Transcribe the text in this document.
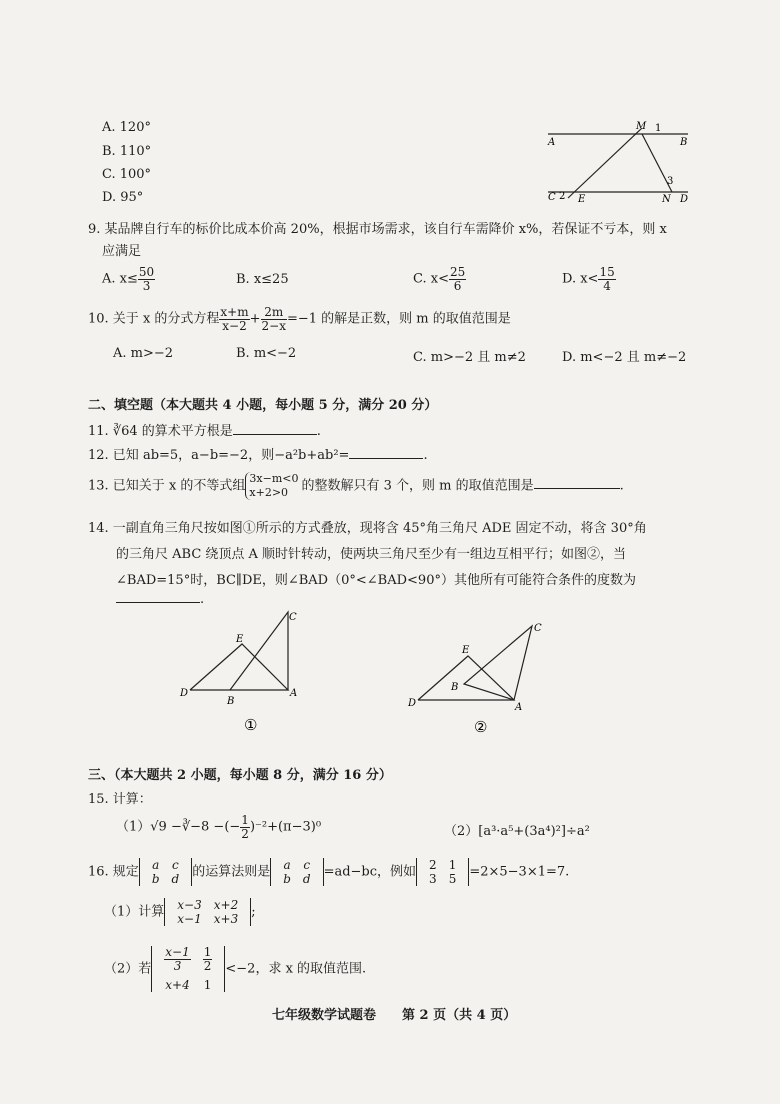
A. 120°
B. 110°
C. 100°
D. 95°
M 1
A	B
C 2 E	N
3
D
9. 某品牌自行车的标价比成本价高 20%，根据市场需求，该自行车需降价 x%，若保证不亏本，则 x
应满足
A. $x\le \frac{50}{3}$	B. x≤25	C. $x< \frac{25}{6}$	D. $x< \frac{15}{4}$
10. 关于 x 的分式方程 $\frac{x+m}{x-2} + \frac{2m}{2-x} =-1$ 的解是正数，则 m 的取值范围是
A. m>−2	B. m<−2	C. m>−2 且 m≠2	D. m<−2 且 m≠−2
二、填空题（本大题共 4 小题，每小题 5 分，满分 20 分）
11. ∛64 的算术平方根是	.
12. 已知 ab=5，a−b=−2，则−a²b+ab²=	.
13. 已知关于 x 的不等式组 3x−m<0
x+2>0	的整数解只有 3 个，则 m 的取值范围是	.
14. 一副直角三角尺按如图①所示的方式叠放，现将含 45°角三角尺 ADE 固定不动，将含 30°角
的三角尺 ABC 绕顶点 A 顺时针转动，使两块三角尺至少有一组边互相平行；如图②，当
∠BAD=15°时，BC∥DE，则∠BAD（0°<∠BAD<90°）其他所有可能符合条件的度数为
.
D
E
C
B
A
①
D
E
C
B
A
②
三、（本大题共 2 小题，每小题 8 分，满分 16 分）
15. 计算：
（1）√9 −∛−8 −(− $\frac{1}{2} )^{-2}+(\pi-3)^0$	（2）[a³·a⁵+(3a⁴)²]÷a²
16. 规定 a	c
b	d 的运算法则是 a	c
b	d =ad−bc，例如 2	1
3	5 =2×5−3×1=7.
（1）计算 x−3	x+2
x−1	x+3 ;
（2）若 $\frac{x-1}{3}$	$\frac{1}{2}$

x+4	1
<−2，求 x 的取值范围.
七年级数学试题卷　　第 2 页（共 4 页）
